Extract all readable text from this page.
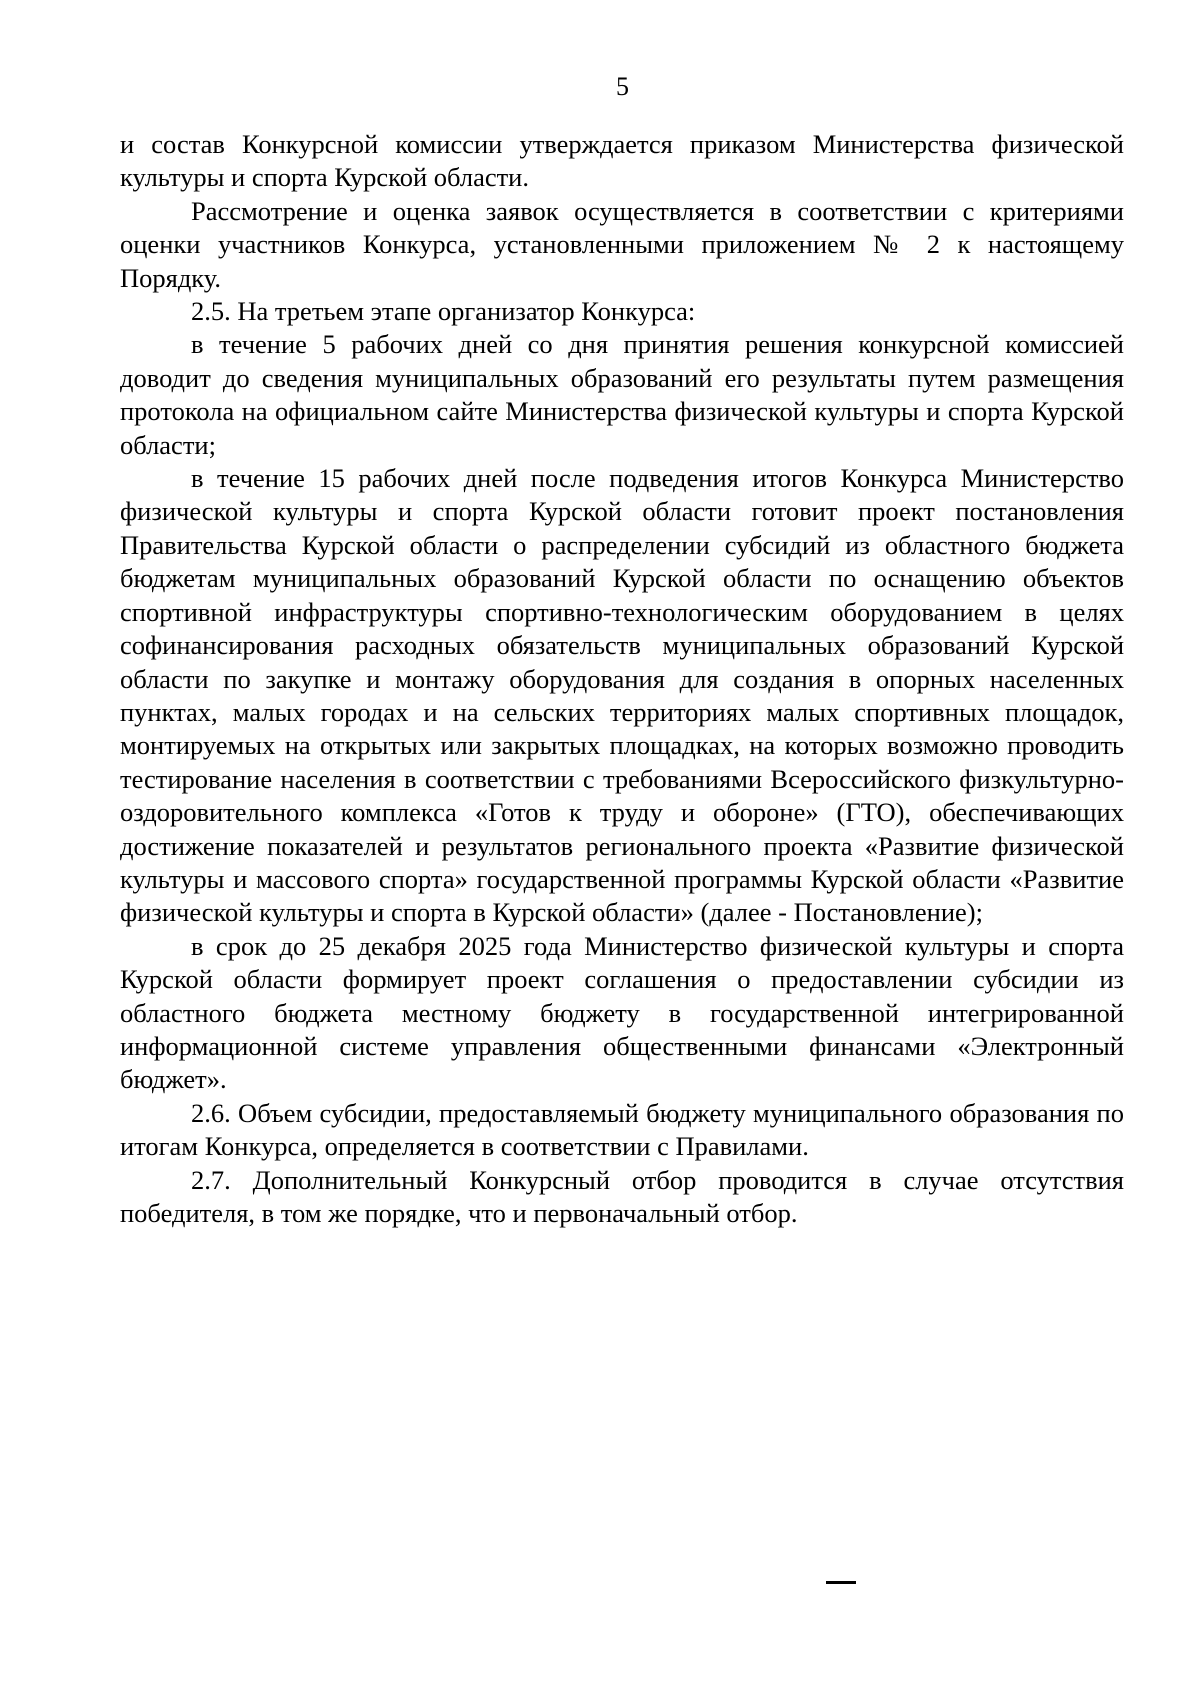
5

и состав Конкурсной комиссии утверждается приказом Министерства физической культуры и спорта Курской области.

Рассмотрение и оценка заявок осуществляется в соответствии с критериями оценки участников Конкурса, установленными приложением № 2 к настоящему Порядку.

2.5. На третьем этапе организатор Конкурса:

в течение 5 рабочих дней со дня принятия решения конкурсной комиссией доводит до сведения муниципальных образований его результаты путем размещения протокола на официальном сайте Министерства физической культуры и спорта Курской области;

в течение 15 рабочих дней после подведения итогов Конкурса Министерство физической культуры и спорта Курской области готовит проект постановления Правительства Курской области о распределении субсидий из областного бюджета бюджетам муниципальных образований Курской области по оснащению объектов спортивной инфраструктуры спортивно-технологическим оборудованием в целях софинансирования расходных обязательств муниципальных образований Курской области по закупке и монтажу оборудования для создания в опорных населенных пунктах, малых городах и на сельских территориях малых спортивных площадок, монтируемых на открытых или закрытых площадках, на которых возможно проводить тестирование населения в соответствии с требованиями Всероссийского физкультурно-оздоровительного комплекса «Готов к труду и обороне» (ГТО), обеспечивающих достижение показателей и результатов регионального проекта «Развитие физической культуры и массового спорта» государственной программы Курской области «Развитие физической культуры и спорта в Курской области» (далее - Постановление);

в срок до 25 декабря 2025 года Министерство физической культуры и спорта Курской области формирует проект соглашения о предоставлении субсидии из областного бюджета местному бюджету в государственной интегрированной информационной системе управления общественными финансами «Электронный бюджет».

2.6. Объем субсидии, предоставляемый бюджету муниципального образования по итогам Конкурса, определяется в соответствии с Правилами.

2.7. Дополнительный Конкурсный отбор проводится в случае отсутствия победителя, в том же порядке, что и первоначальный отбор.
